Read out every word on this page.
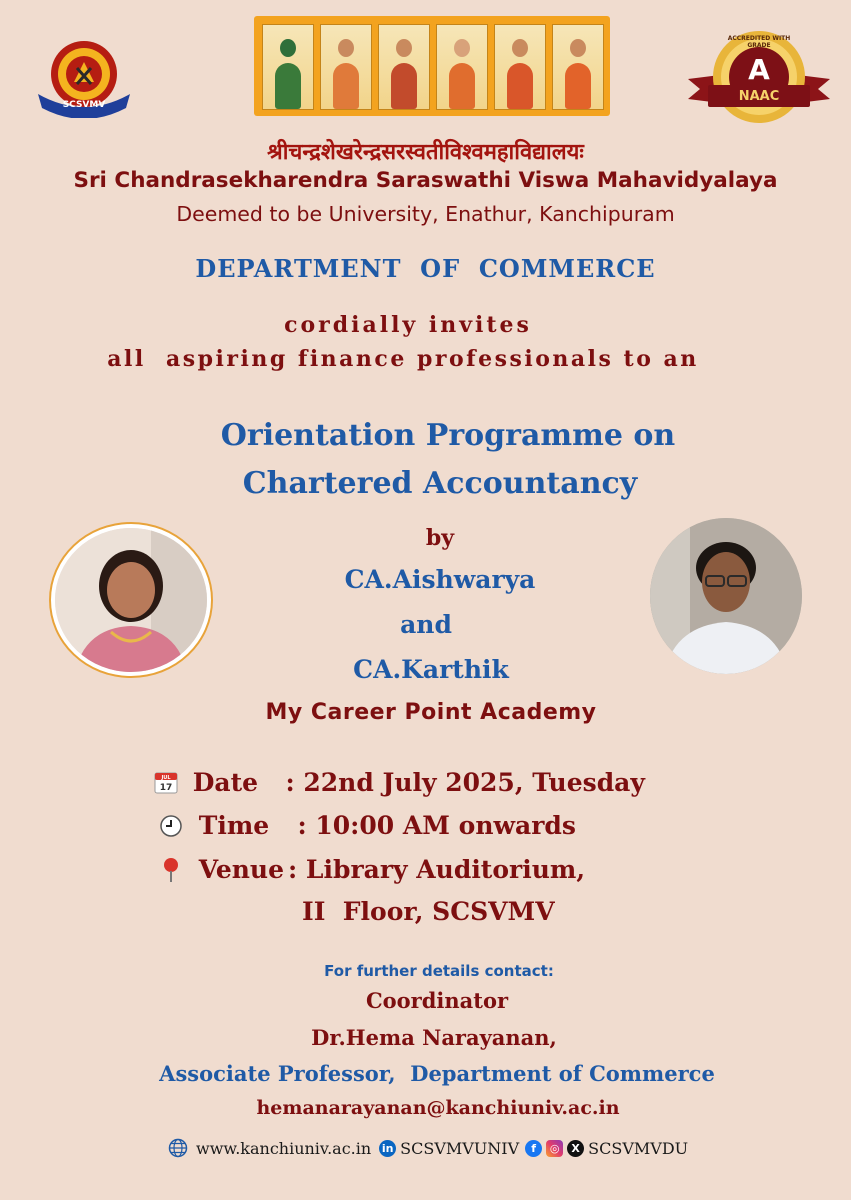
SCSVMV
ACCREDITED WITH GRADE
A
NAAC
श्रीचन्द्रशेखरेन्द्रसरस्वतीविश्वमहाविद्यालयः
Sri Chandrasekharendra Saraswathi Viswa Mahavidyalaya
Deemed to be University, Enathur, Kanchipuram
DEPARTMENT  OF  COMMERCE
cordially invites
all  aspiring finance professionals to an
Orientation Programme on
Chartered Accountancy
by
CA.Aishwarya
and
CA.Karthik
My Career Point Academy
JUL
17 Date : 22nd July 2025, Tuesday
Time : 10:00 AM onwards
Venue : Library Auditorium,
II  Floor, SCSVMV
For further details contact:
Coordinator
Dr.Hema Narayanan,
Associate Professor,  Department of Commerce
hemanarayanan@kanchiuniv.ac.in
www.kanchiuniv.ac.in in SCSVMVUNIV	f	◎	X SCSVMVDU
